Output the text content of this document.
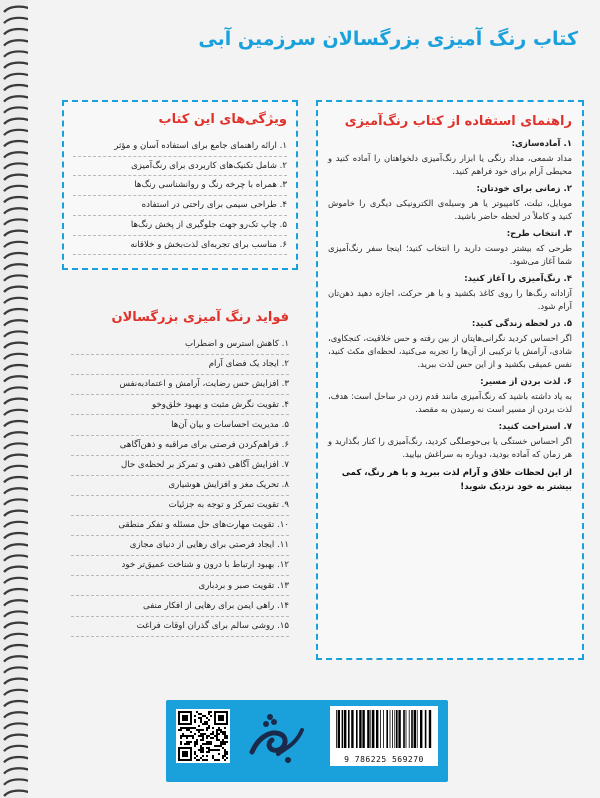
کتاب رنگ آمیزی بزرگسالان سرزمین آبی
ویژگی‌های این کتاب
۱. ارائه راهنمای جامع برای استفاده آسان و مؤثر
۲. شامل تکنیک‌های کاربردی برای رنگ‌آمیزی
۳. همراه با چرخه رنگ و روانشناسی رنگ‌ها
۴. طراحی سیمی برای راحتی در استفاده
۵. چاپ تک‌رو جهت جلوگیری از پخش رنگ‌ها
۶. مناسب برای تجربه‌ای لذت‌بخش و خلاقانه
فواید رنگ آمیزی بزرگسالان
۱. کاهش استرس و اضطراب
۲. ایجاد یک فضای آرام
۳. افزایش حس رضایت، آرامش و اعتماد‌به‌نفس
۴. تقویت نگرش مثبت و بهبود خلق‌وخو
۵. مدیریت احساسات و بیان آن‌ها
۶. فراهم‌کردن فرصتی برای مراقبه و ذهن‌آگاهی
۷. افزایش آگاهی ذهنی و تمرکز بر لحظه‌ی حال
۸. تحریک مغز و افزایش هوشیاری
۹. تقویت تمرکز و توجه به جزئیات
۱۰. تقویت مهارت‌های حل مسئله و تفکر منطقی
۱۱. ایجاد فرصتی برای رهایی از دنیای مجازی
۱۲. بهبود ارتباط با درون و شناخت عمیق‌تر خود
۱۳. تقویت صبر و بردباری
۱۴. راهی ایمن برای رهایی از افکار منفی
۱۵. روشی سالم برای گذران اوقات فراغت
راهنمای استفاده از کتاب رنگ‌آمیزی
۱. آماده‌سازی:

مداد شمعی، مداد رنگی یا ابزار رنگ‌آمیزی دلخواهتان را آماده کنید و محیطی آرام برای خود فراهم کنید.

۲. زمانی برای خودتان:

موبایل، تبلت، کامپیوتر یا هر وسیله‌ی الکترونیکی دیگری را خاموش کنید و کاملاً در لحظه حاضر باشید.

۳. انتخاب طرح:

طرحی که بیشتر دوست دارید را انتخاب کنید؛ اینجا سفر رنگ‌آمیزی شما آغاز می‌شود.

۴. رنگ‌آمیزی را آغاز کنید:

آزادانه رنگ‌ها را روی کاغذ بکشید و با هر حرکت، اجازه دهید ذهن‌تان آرام شود.

۵. در لحظه زندگی کنید:

اگر احساس کردید نگرانی‌هایتان از بین رفته و حس خلاقیت، کنجکاوی، شادی، آرامش یا ترکیبی از آن‌ها را تجربه می‌کنید، لحظه‌ای مکث کنید، نفس عمیقی بکشید و از این حس لذت ببرید.

۶. لذت بردن از مسیر:

به یاد داشته باشید که رنگ‌آمیزی مانند قدم زدن در ساحل است: هدف، لذت بردن از مسیر است نه رسیدن به مقصد.

۷. استراحت کنید:

اگر احساس خستگی یا بی‌حوصلگی کردید، رنگ‌آمیزی را کنار بگذارید و هر زمان که آماده بودید، دوباره به سراغش بیایید.

از این لحظات خلاق و آرام لذت ببرید و با هر رنگ، کمی بیشتر به خود نزدیک شوید!
9 786225 569270
